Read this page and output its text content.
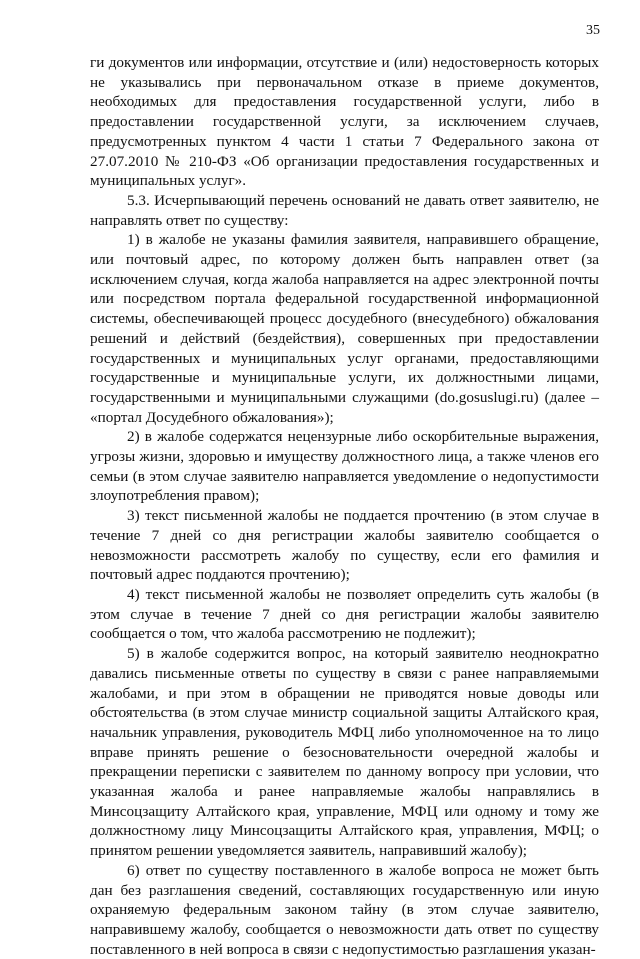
35

ги документов или информации, отсутствие и (или) недостоверность которых не указывались при первоначальном отказе в приеме документов, необходимых для предоставления государственной услуги, либо в предоставлении государственной услуги, за исключением случаев, предусмотренных пунктом 4 части 1 статьи 7 Федерального закона от 27.07.2010 № 210-ФЗ «Об организации предоставления государственных и муниципальных услуг».

5.3. Исчерпывающий перечень оснований не давать ответ заявителю, не направлять ответ по существу:

1) в жалобе не указаны фамилия заявителя, направившего обращение, или почтовый адрес, по которому должен быть направлен ответ (за исключением случая, когда жалоба направляется на адрес электронной почты или посредством портала федеральной государственной информационной системы, обеспечивающей процесс досудебного (внесудебного) обжалования решений и действий (бездействия), совершенных при предоставлении государственных и муниципальных услуг органами, предоставляющими государственные и муниципальные услуги, их должностными лицами, государственными и муниципальными служащими (do.gosuslugi.ru) (далее – «портал Досудебного обжалования»);

2) в жалобе содержатся нецензурные либо оскорбительные выражения, угрозы жизни, здоровью и имуществу должностного лица, а также членов его семьи (в этом случае заявителю направляется уведомление о недопустимости злоупотребления правом);

3) текст письменной жалобы не поддается прочтению (в этом случае в течение 7 дней со дня регистрации жалобы заявителю сообщается о невозможности рассмотреть жалобу по существу, если его фамилия и почтовый адрес поддаются прочтению);

4) текст письменной жалобы не позволяет определить суть жалобы (в этом случае в течение 7 дней со дня регистрации жалобы заявителю сообщается о том, что жалоба рассмотрению не подлежит);

5) в жалобе содержится вопрос, на который заявителю неоднократно давались письменные ответы по существу в связи с ранее направляемыми жалобами, и при этом в обращении не приводятся новые доводы или обстоятельства (в этом случае министр социальной защиты Алтайского края, начальник управления, руководитель МФЦ либо уполномоченное на то лицо вправе принять решение о безосновательности очередной жалобы и прекращении переписки с заявителем по данному вопросу при условии, что указанная жалоба и ранее направляемые жалобы направлялись в Минсоцзащиту Алтайского края, управление, МФЦ или одному и тому же должностному лицу Минсоцзащиты Алтайского края, управления, МФЦ; о принятом решении уведомляется заявитель, направивший жалобу);

6) ответ по существу поставленного в жалобе вопроса не может быть дан без разглашения сведений, составляющих государственную или иную охраняемую федеральным законом тайну (в этом случае заявителю, направившему жалобу, сообщается о невозможности дать ответ по существу поставленного в ней вопроса в связи с недопустимостью разглашения указан-
